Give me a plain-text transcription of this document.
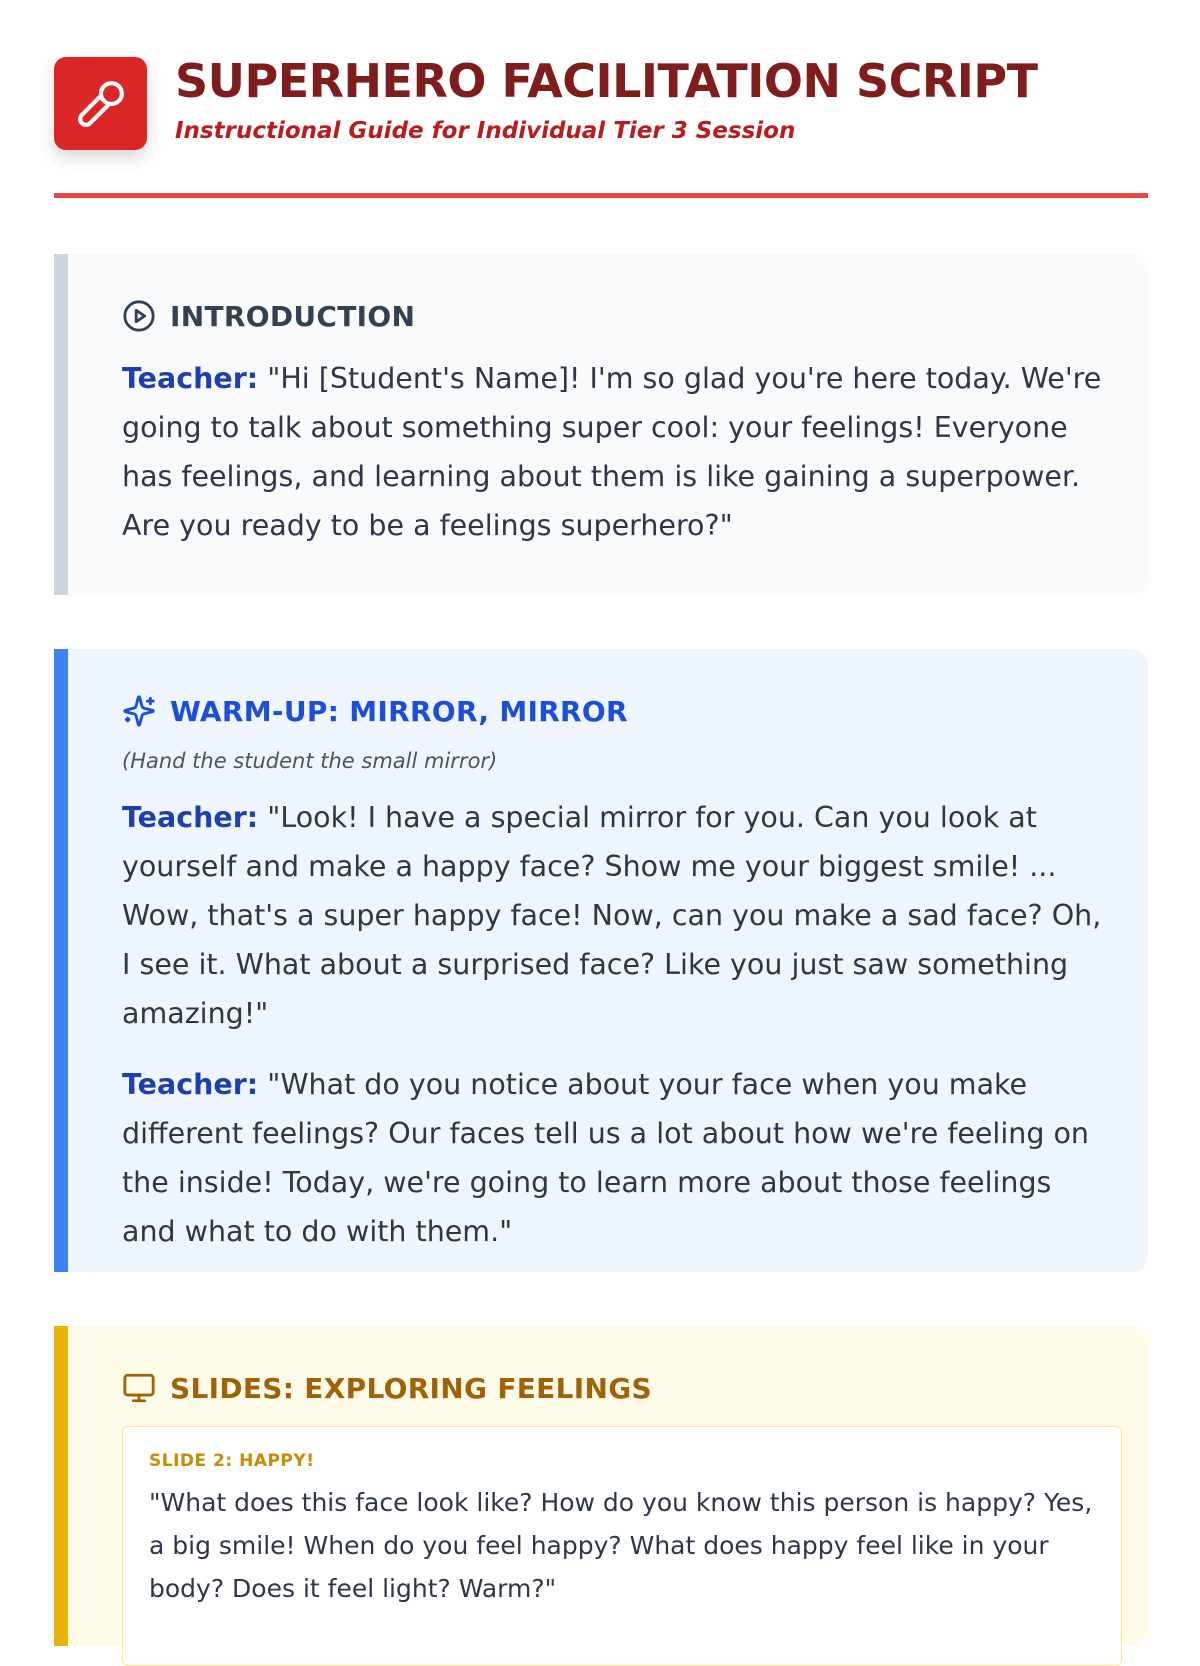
SUPERHERO FACILITATION SCRIPT

Instructional Guide for Individual Tier 3 Session

INTRODUCTION

Teacher: "Hi [Student's Name]! I'm so glad you're here today. We're going to talk about something super cool: your feelings! Everyone has feelings, and learning about them is like gaining a superpower. Are you ready to be a feelings superhero?"

WARM-UP: MIRROR, MIRROR

(Hand the student the small mirror)

Teacher: "Look! I have a special mirror for you. Can you look at yourself and make a happy face? Show me your biggest smile! ... Wow, that's a super happy face! Now, can you make a sad face? Oh, I see it. What about a surprised face? Like you just saw something amazing!"

Teacher: "What do you notice about your face when you make different feelings? Our faces tell us a lot about how we're feeling on the inside! Today, we're going to learn more about those feelings and what to do with them."

SLIDES: EXPLORING FEELINGS

SLIDE 2: HAPPY!

"What does this face look like? How do you know this person is happy? Yes, a big smile! When do you feel happy? What does happy feel like in your body? Does it feel light? Warm?"
